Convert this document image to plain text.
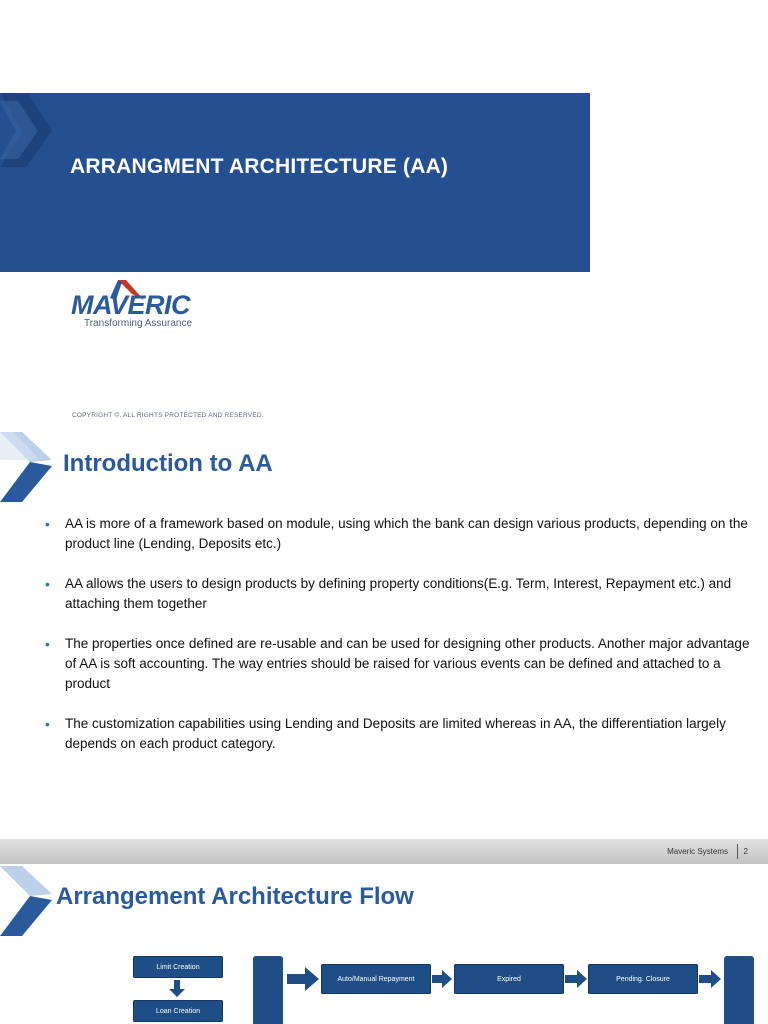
ARRANGMENT ARCHITECTURE (AA)
MAVERIC
Transforming Assurance
COPYRIGHT ©. ALL RIGHTS PROTECTED AND RESERVED.
Introduction to AA
• AA is more of a framework based on module, using which the bank can design various products, depending on the product line (Lending, Deposits etc.)
• AA allows the users to design products by defining property conditions(E.g. Term, Interest, Repayment etc.) and attaching them together
• The properties once defined are re-usable and can be used for designing other products. Another major advantage of AA is soft accounting. The way entries should be raised for various events can be defined and attached to a product
• The customization capabilities using Lending and Deposits are limited whereas in AA, the differentiation largely depends on each product category.
Maveric Systems 2
Arrangement Architecture Flow
Limit Creation
Loan Creation
Auto/Manual Repayment	Expired	Pending. Closure
